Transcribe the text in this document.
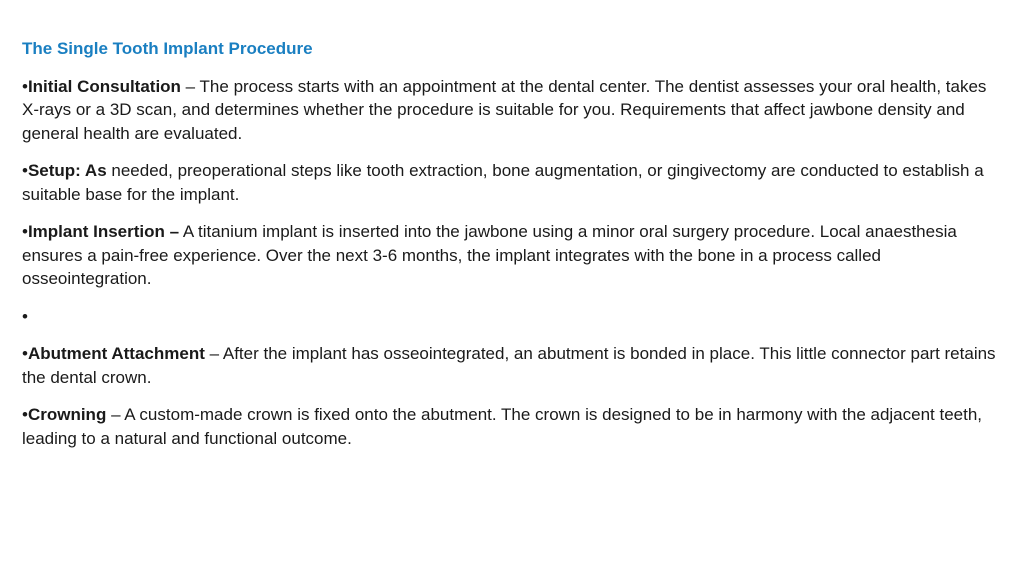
The Single Tooth Implant Procedure
•Initial Consultation – The process starts with an appointment at the dental center. The dentist assesses your oral health, takes X-rays or a 3D scan, and determines whether the procedure is suitable for you. Requirements that affect jawbone density and general health are evaluated.
•Setup: As needed, preoperational steps like tooth extraction, bone augmentation, or gingivectomy are conducted to establish a suitable base for the implant.
•Implant Insertion – A titanium implant is inserted into the jawbone using a minor oral surgery procedure. Local anaesthesia ensures a pain-free experience. Over the next 3-6 months, the implant integrates with the bone in a process called osseointegration.
•
•Abutment Attachment – After the implant has osseointegrated, an abutment is bonded in place. This little connector part retains the dental crown.
•Crowning – A custom-made crown is fixed onto the abutment. The crown is designed to be in harmony with the adjacent teeth, leading to a natural and functional outcome.
